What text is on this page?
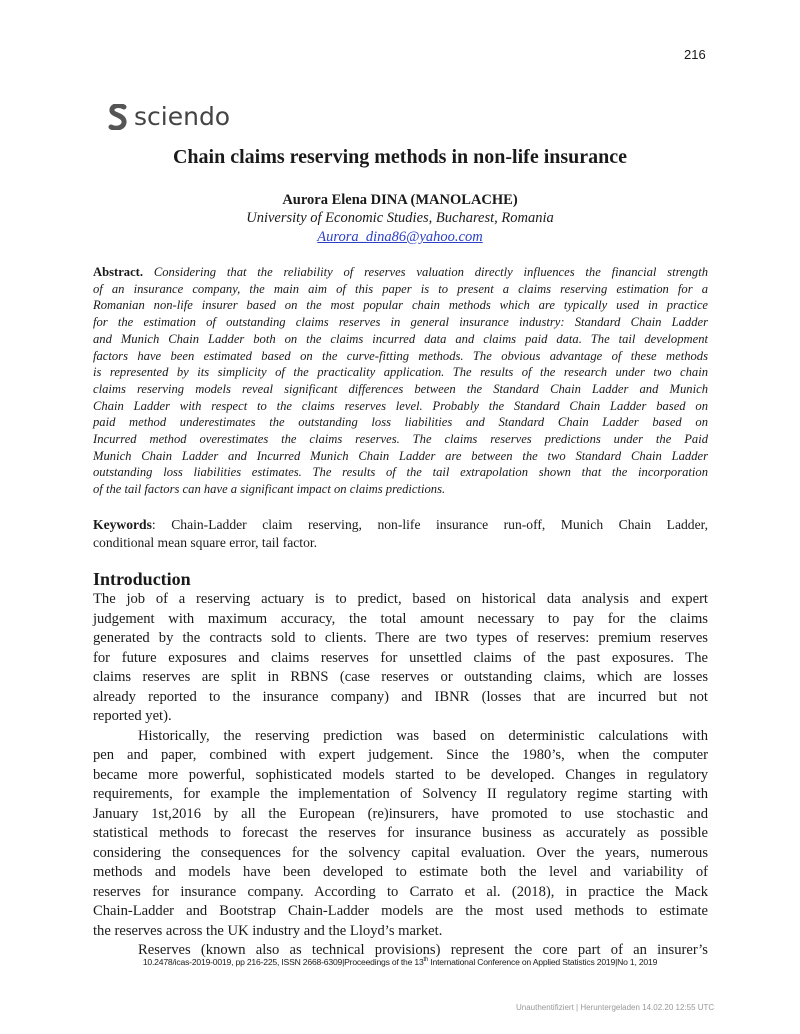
216
sciendo
Chain claims reserving methods in non-life insurance
Aurora Elena DINA (MANOLACHE)
University of Economic Studies, Bucharest, Romania
Aurora_dina86@yahoo.com
Abstract. Considering that the reliability of reserves valuation directly influences the financial strength
of an insurance company, the main aim of this paper is to present a claims reserving estimation for a
Romanian non-life insurer based on the most popular chain methods which are typically used in practice
for the estimation of outstanding claims reserves in general insurance industry: Standard Chain Ladder
and Munich Chain Ladder both on the claims incurred data and claims paid data. The tail development
factors have been estimated based on the curve-fitting methods. The obvious advantage of these methods
is represented by its simplicity of the practicality application. The results of the research under two chain
claims reserving models reveal significant differences between the Standard Chain Ladder and Munich
Chain Ladder with respect to the claims reserves level. Probably the Standard Chain Ladder based on
paid method underestimates the outstanding loss liabilities and Standard Chain Ladder based on
Incurred method overestimates the claims reserves. The claims reserves predictions under the Paid
Munich Chain Ladder and Incurred Munich Chain Ladder are between the two Standard Chain Ladder
outstanding loss liabilities estimates. The results of the tail extrapolation shown that the incorporation
of the tail factors can have a significant impact on claims predictions.
Keywords: Chain-Ladder claim reserving, non-life insurance run-off, Munich Chain Ladder,
conditional mean square error, tail factor.
Introduction
The job of a reserving actuary is to predict, based on historical data analysis and expert
judgement with maximum accuracy, the total amount necessary to pay for the claims
generated by the contracts sold to clients. There are two types of reserves: premium reserves
for future exposures and claims reserves for unsettled claims of the past exposures. The
claims reserves are split in RBNS (case reserves or outstanding claims, which are losses
already reported to the insurance company) and IBNR (losses that are incurred but not
reported yet).
Historically, the reserving prediction was based on deterministic calculations with
pen and paper, combined with expert judgement. Since the 1980’s, when the computer
became more powerful, sophisticated models started to be developed. Changes in regulatory
requirements, for example the implementation of Solvency II regulatory regime starting with
January 1st,2016 by all the European (re)insurers, have promoted to use stochastic and
statistical methods to forecast the reserves for insurance business as accurately as possible
considering the consequences for the solvency capital evaluation. Over the years, numerous
methods and models have been developed to estimate both the level and variability of
reserves for insurance company. According to Carrato et al. (2018), in practice the Mack
Chain-Ladder and Bootstrap Chain-Ladder models are the most used methods to estimate
the reserves across the UK industry and the Lloyd’s market.
Reserves (known also as technical provisions) represent the core part of an insurer’s
10.2478/icas-2019-0019, pp 216-225, ISSN 2668-6309|Proceedings of the 13th International Conference on Applied Statistics 2019|No 1, 2019
Unauthentifiziert | Heruntergeladen 14.02.20 12:55 UTC
